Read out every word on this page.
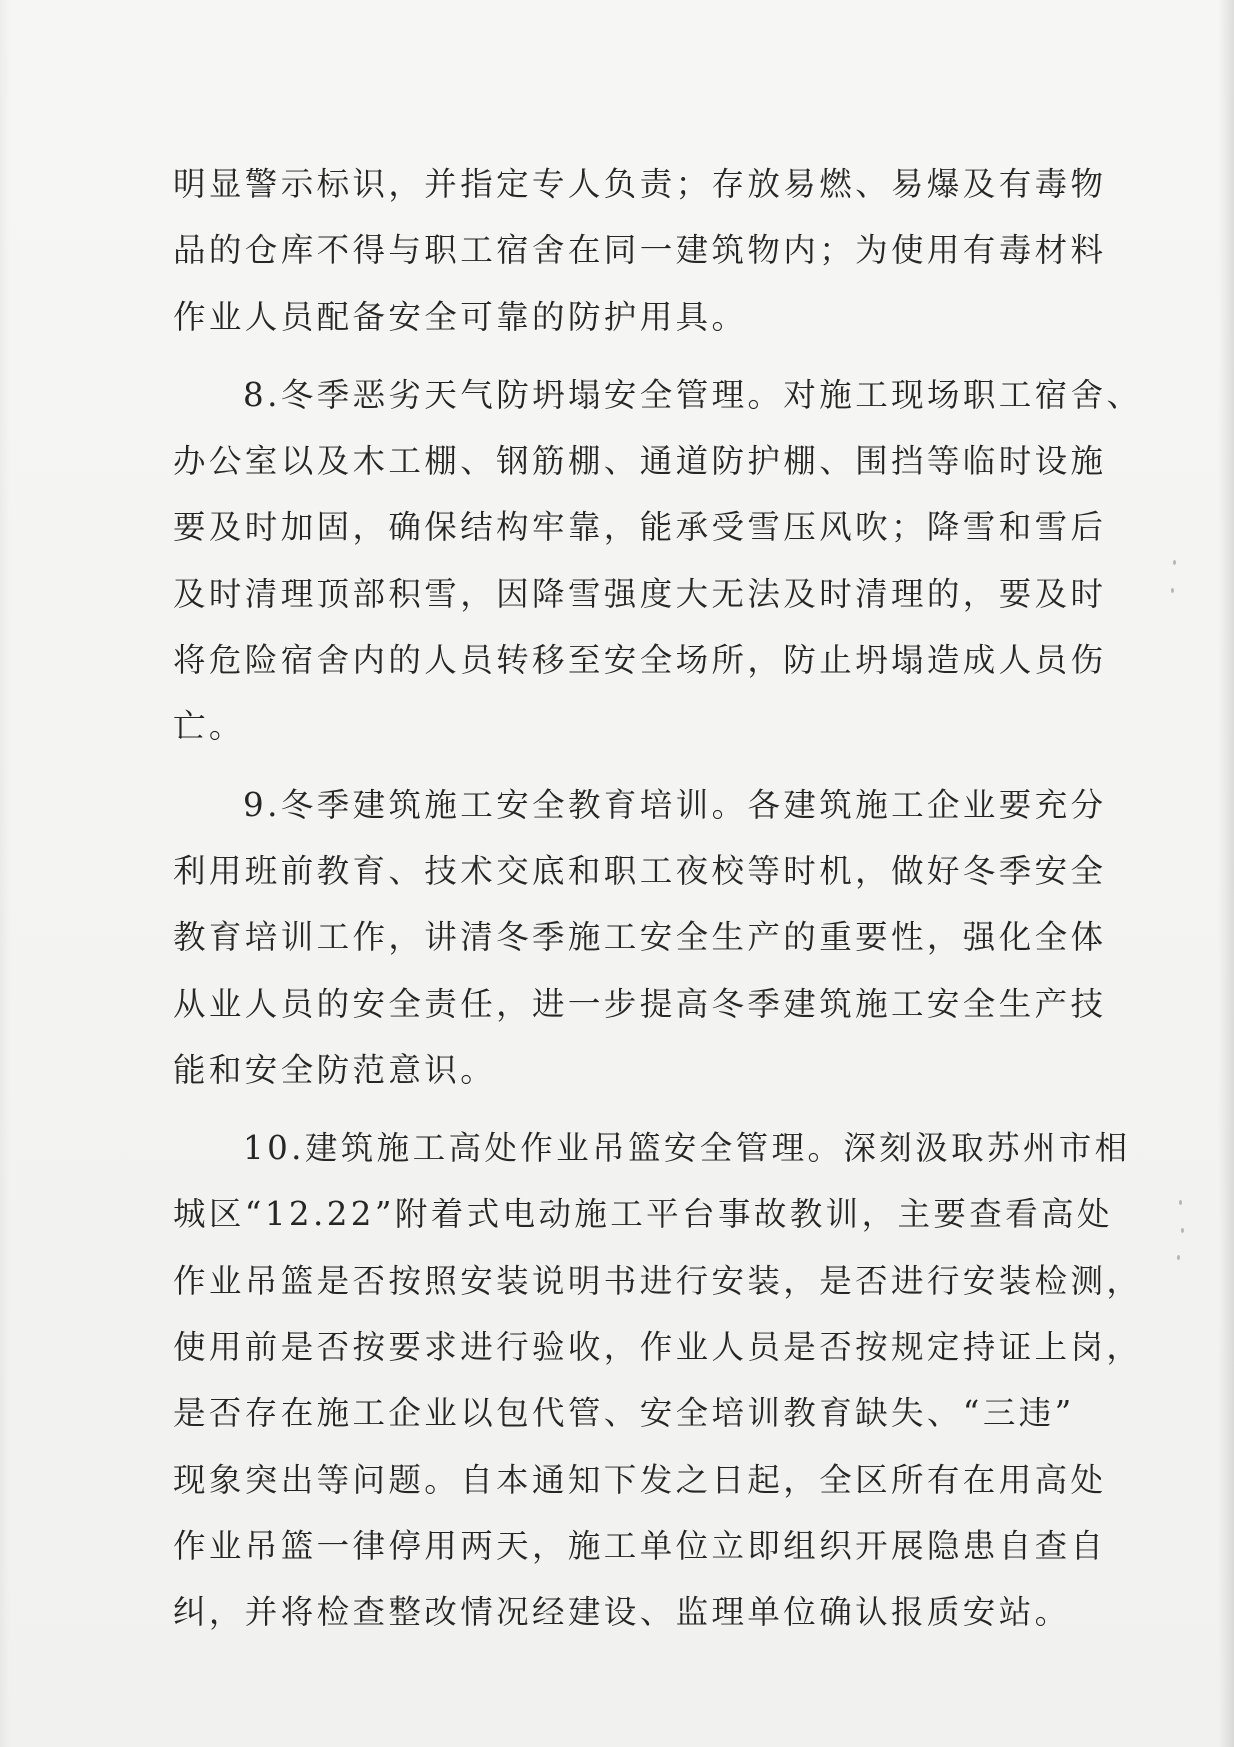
明显警示标识，并指定专人负责；存放易燃、易爆及有毒物
品的仓库不得与职工宿舍在同一建筑物内；为使用有毒材料
作业人员配备安全可靠的防护用具。
8.冬季恶劣天气防坍塌安全管理。对施工现场职工宿舍、
办公室以及木工棚、钢筋棚、通道防护棚、围挡等临时设施
要及时加固，确保结构牢靠，能承受雪压风吹；降雪和雪后
及时清理顶部积雪，因降雪强度大无法及时清理的，要及时
将危险宿舍内的人员转移至安全场所，防止坍塌造成人员伤
亡。
9.冬季建筑施工安全教育培训。各建筑施工企业要充分
利用班前教育、技术交底和职工夜校等时机，做好冬季安全
教育培训工作，讲清冬季施工安全生产的重要性，强化全体
从业人员的安全责任，进一步提高冬季建筑施工安全生产技
能和安全防范意识。
10.建筑施工高处作业吊篮安全管理。深刻汲取苏州市相
城区“12.22”附着式电动施工平台事故教训，主要查看高处
作业吊篮是否按照安装说明书进行安装，是否进行安装检测，
使用前是否按要求进行验收，作业人员是否按规定持证上岗，
是否存在施工企业以包代管、安全培训教育缺失、“三违”
现象突出等问题。自本通知下发之日起，全区所有在用高处
作业吊篮一律停用两天，施工单位立即组织开展隐患自查自
纠，并将检查整改情况经建设、监理单位确认报质安站。
